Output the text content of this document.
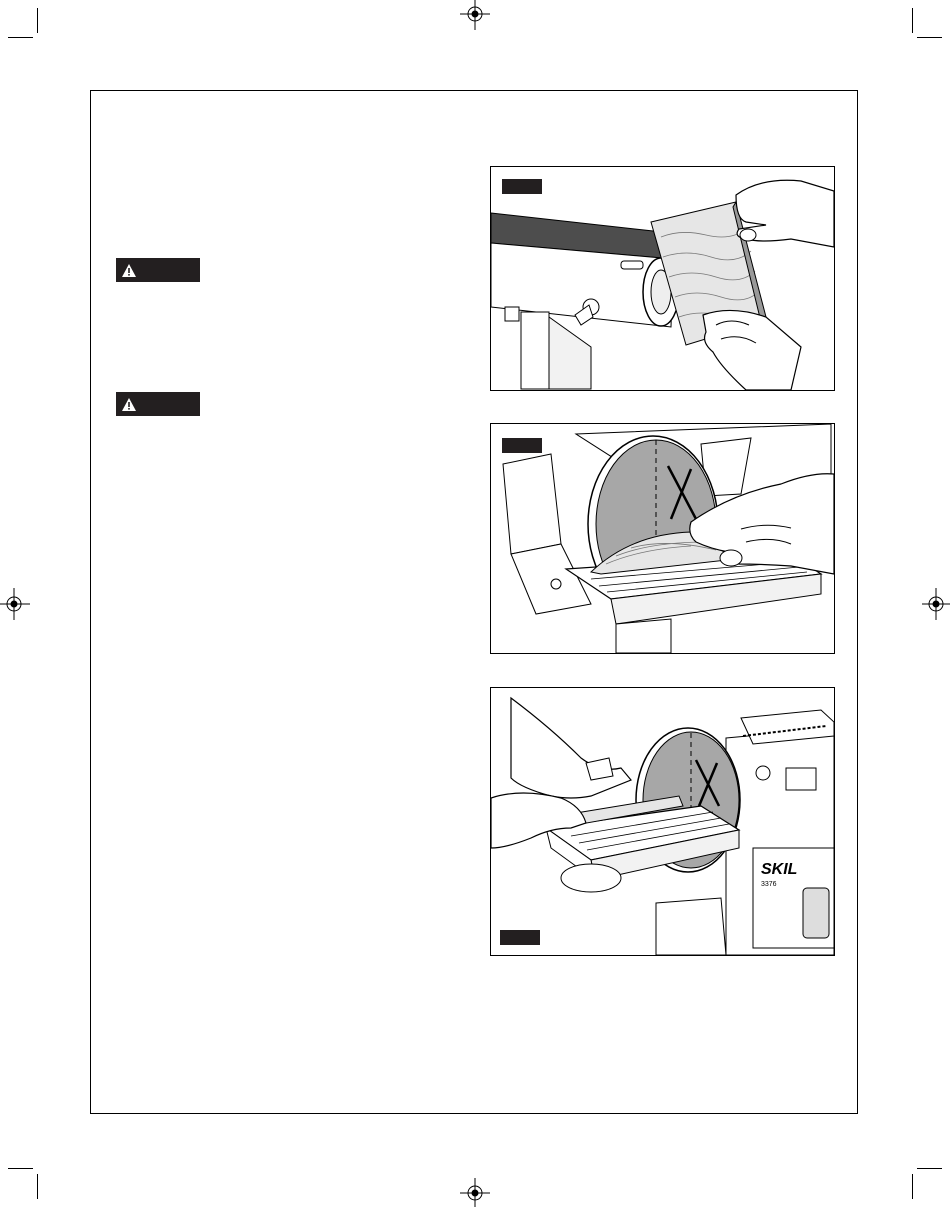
SKIL
3376
